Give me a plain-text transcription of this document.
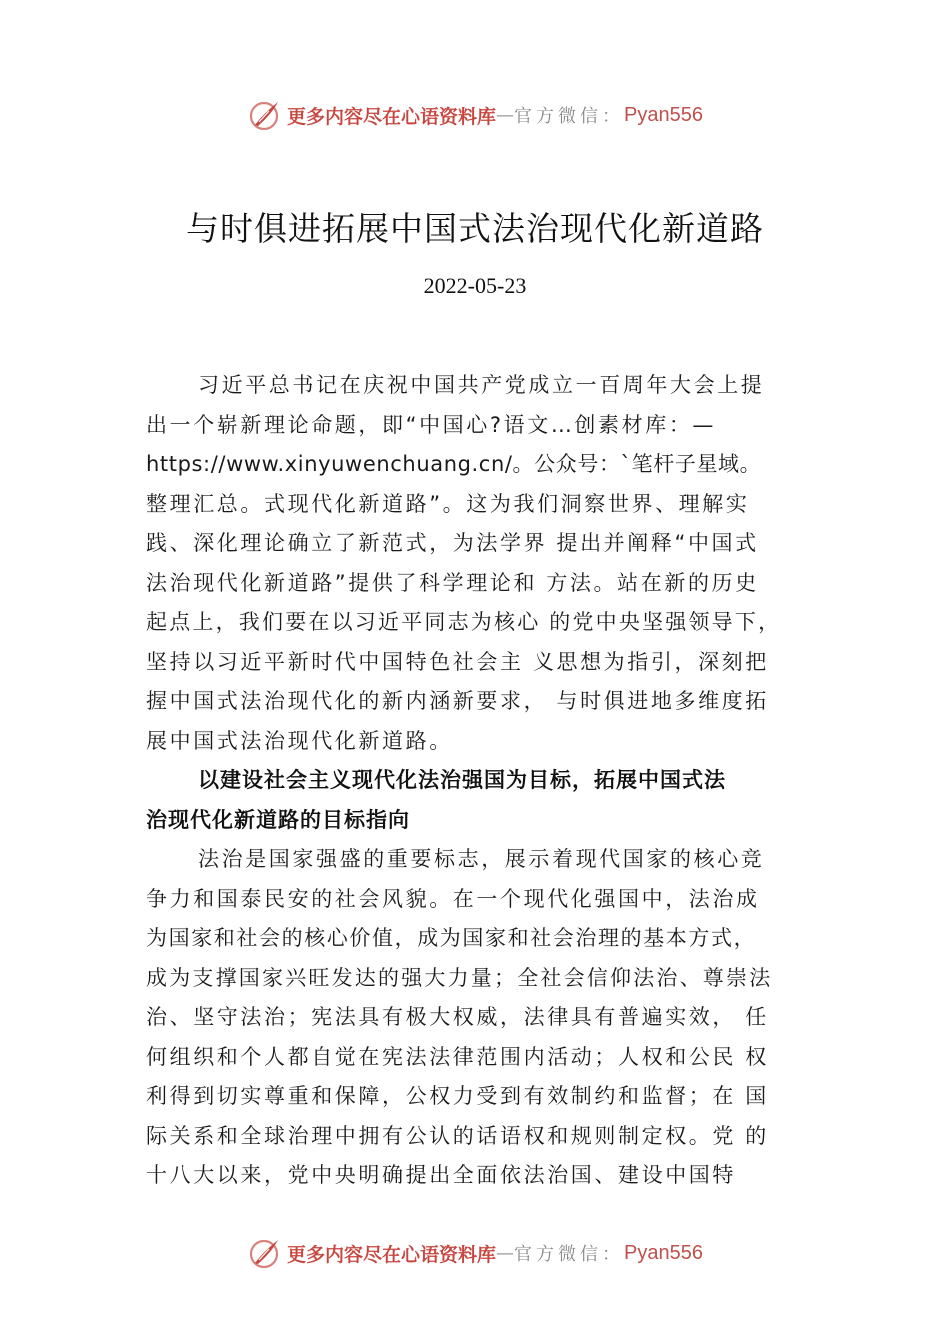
更多内容尽在心语资料库 — 官方微信： Pyan556
与时俱进拓展中国式法治现代化新道路
2022-05-23
习近平总书记在庆祝中国共产党成立一百周年大会上提
出一个崭新理论命题，即“中国心?语文…创素材库：—
https://www.xinyuwenchuang.cn/。公众号：`笔杆子星域。
整理汇总。式现代化新道路”。这为我们洞察世界、理解实
践、深化理论确立了新范式，为法学界 提出并阐释“中国式
法治现代化新道路”提供了科学理论和 方法。站在新的历史
起点上，我们要在以习近平同志为核心 的党中央坚强领导下，
坚持以习近平新时代中国特色社会主 义思想为指引，深刻把
握中国式法治现代化的新内涵新要求， 与时俱进地多维度拓
展中国式法治现代化新道路。
以建设社会主义现代化法治强国为目标，拓展中国式法
治现代化新道路的目标指向
法治是国家强盛的重要标志，展示着现代国家的核心竞
争力和国泰民安的社会风貌。在一个现代化强国中，法治成
为国家和社会的核心价值，成为国家和社会治理的基本方式，
成为支撑国家兴旺发达的强大力量；全社会信仰法治、尊崇法
治、坚守法治；宪法具有极大权威，法律具有普遍实效， 任
何组织和个人都自觉在宪法法律范围内活动；人权和公民 权
利得到切实尊重和保障，公权力受到有效制约和监督；在 国
际关系和全球治理中拥有公认的话语权和规则制定权。党 的
十八大以来，党中央明确提出全面依法治国、建设中国特
更多内容尽在心语资料库 — 官方微信： Pyan556
